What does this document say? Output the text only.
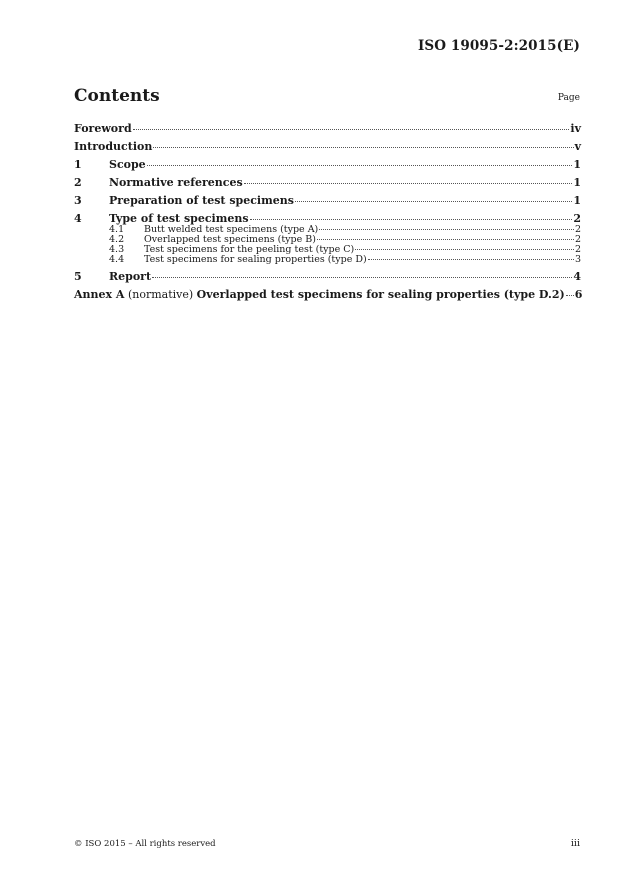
ISO 19095-2:2015(E)
Contents	Page
Foreword	iv
Introduction	v
1	Scope	1
2	Normative references	1
3	Preparation of test specimens	1
4	Type of test specimens	2
4.1	Butt welded test specimens (type A)	2
4.2	Overlapped test specimens (type B)	2
4.3	Test specimens for the peeling test (type C)	2
4.4	Test specimens for sealing properties (type D)	3
5	Report	4
Annex A (normative) Overlapped test specimens for sealing properties (type D.2) 6
© ISO 2015 – All rights reserved	iii
